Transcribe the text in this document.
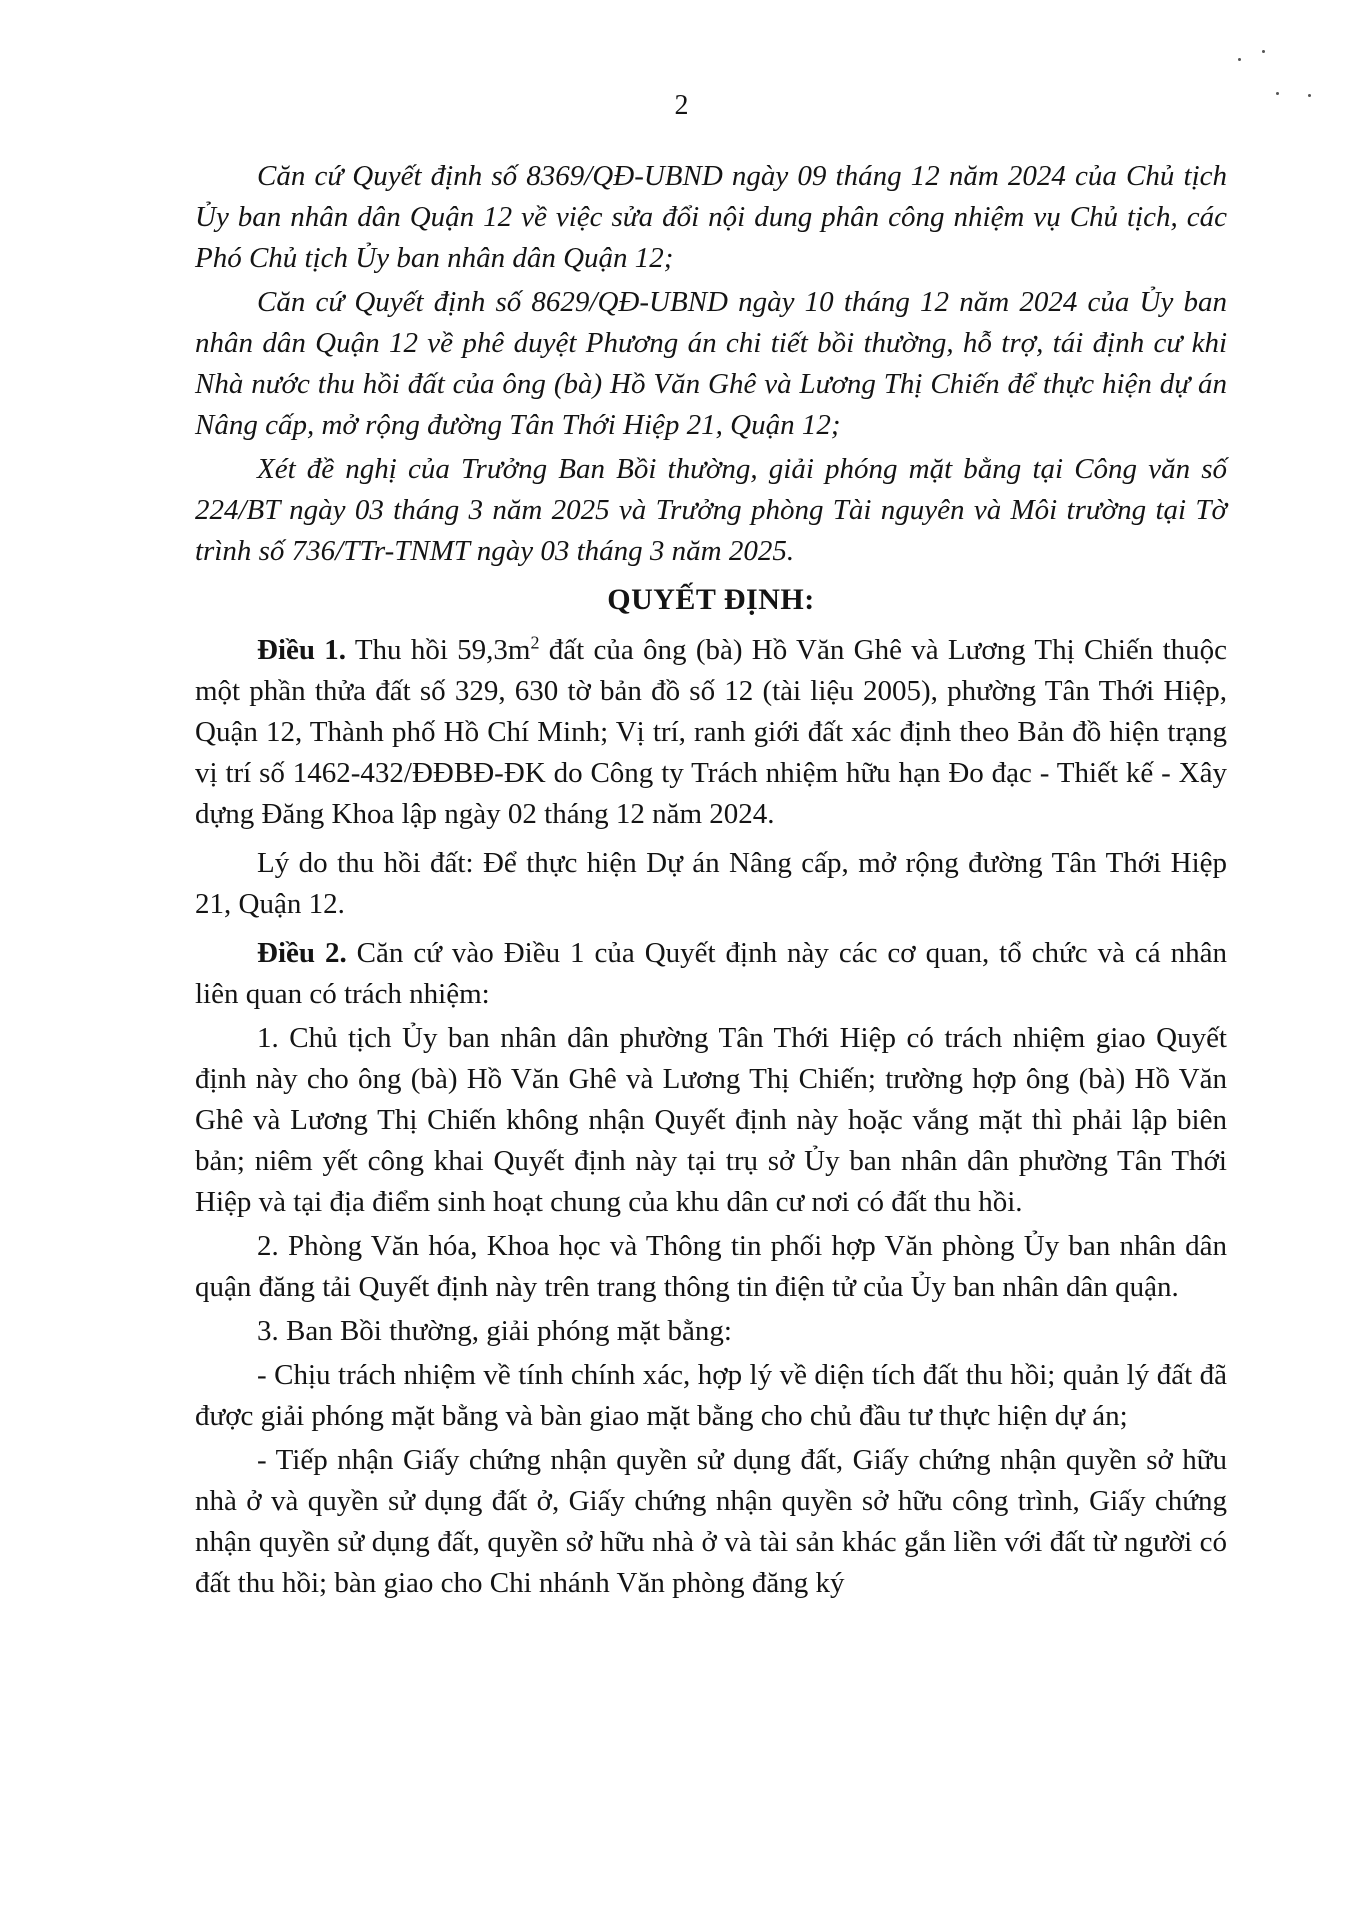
2

Căn cứ Quyết định số 8369/QĐ-UBND ngày 09 tháng 12 năm 2024 của Chủ tịch Ủy ban nhân dân Quận 12 về việc sửa đổi nội dung phân công nhiệm vụ Chủ tịch, các Phó Chủ tịch Ủy ban nhân dân Quận 12;

Căn cứ Quyết định số 8629/QĐ-UBND ngày 10 tháng 12 năm 2024 của Ủy ban nhân dân Quận 12 về phê duyệt Phương án chi tiết bồi thường, hỗ trợ, tái định cư khi Nhà nước thu hồi đất của ông (bà) Hồ Văn Ghê và Lương Thị Chiến để thực hiện dự án Nâng cấp, mở rộng đường Tân Thới Hiệp 21, Quận 12;

Xét đề nghị của Trưởng Ban Bồi thường, giải phóng mặt bằng tại Công văn số 224/BT ngày 03 tháng 3 năm 2025 và Trưởng phòng Tài nguyên và Môi trường tại Tờ trình số 736/TTr-TNMT ngày 03 tháng 3 năm 2025.

QUYẾT ĐỊNH:

Điều 1. Thu hồi $59,3m^2$ đất của ông (bà) Hồ Văn Ghê và Lương Thị Chiến thuộc một phần thửa đất số 329, 630 tờ bản đồ số 12 (tài liệu 2005), phường Tân Thới Hiệp, Quận 12, Thành phố Hồ Chí Minh; Vị trí, ranh giới đất xác định theo Bản đồ hiện trạng vị trí số 1462-432/ĐĐBĐ-ĐK do Công ty Trách nhiệm hữu hạn Đo đạc - Thiết kế - Xây dựng Đăng Khoa lập ngày 02 tháng 12 năm 2024.

Lý do thu hồi đất: Để thực hiện Dự án Nâng cấp, mở rộng đường Tân Thới Hiệp 21, Quận 12.

Điều 2. Căn cứ vào Điều 1 của Quyết định này các cơ quan, tổ chức và cá nhân liên quan có trách nhiệm:

1. Chủ tịch Ủy ban nhân dân phường Tân Thới Hiệp có trách nhiệm giao Quyết định này cho ông (bà) Hồ Văn Ghê và Lương Thị Chiến; trường hợp ông (bà) Hồ Văn Ghê và Lương Thị Chiến không nhận Quyết định này hoặc vắng mặt thì phải lập biên bản; niêm yết công khai Quyết định này tại trụ sở Ủy ban nhân dân phường Tân Thới Hiệp và tại địa điểm sinh hoạt chung của khu dân cư nơi có đất thu hồi.

2. Phòng Văn hóa, Khoa học và Thông tin phối hợp Văn phòng Ủy ban nhân dân quận đăng tải Quyết định này trên trang thông tin điện tử của Ủy ban nhân dân quận.

3. Ban Bồi thường, giải phóng mặt bằng:

- Chịu trách nhiệm về tính chính xác, hợp lý về diện tích đất thu hồi; quản lý đất đã được giải phóng mặt bằng và bàn giao mặt bằng cho chủ đầu tư thực hiện dự án;

- Tiếp nhận Giấy chứng nhận quyền sử dụng đất, Giấy chứng nhận quyền sở hữu nhà ở và quyền sử dụng đất ở, Giấy chứng nhận quyền sở hữu công trình, Giấy chứng nhận quyền sử dụng đất, quyền sở hữu nhà ở và tài sản khác gắn liền với đất từ người có đất thu hồi; bàn giao cho Chi nhánh Văn phòng đăng ký
